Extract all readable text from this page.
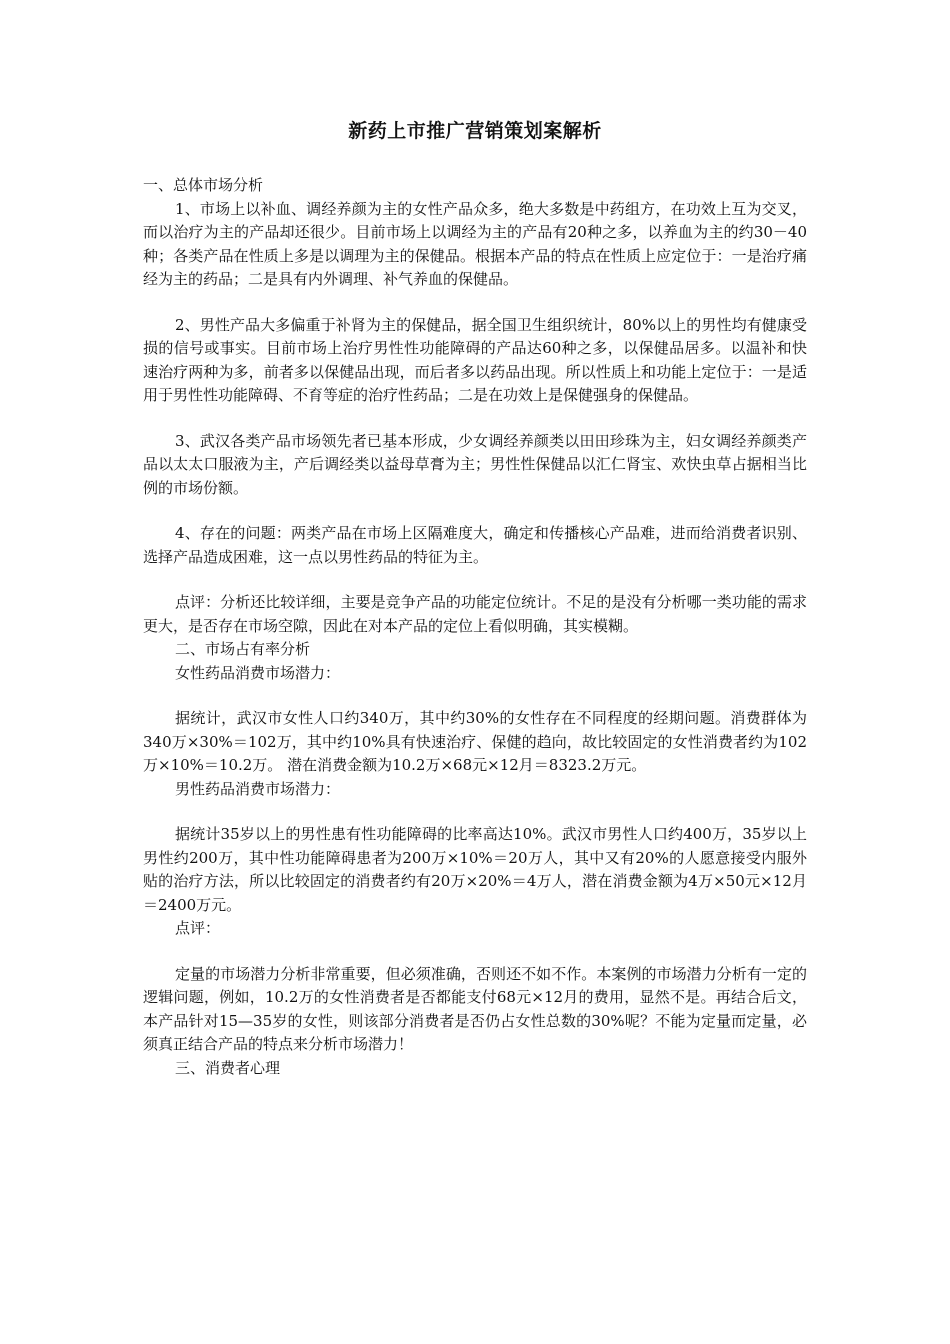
新药上市推广营销策划案解析

一、总体市场分析

1、市场上以补血、调经养颜为主的女性产品众多，绝大多数是中药组方，在功效上互为交叉，而以治疗为主的产品却还很少。目前市场上以调经为主的产品有20种之多，以养血为主的约30－40种；各类产品在性质上多是以调理为主的保健品。根据本产品的特点在性质上应定位于：一是治疗痛经为主的药品；二是具有内外调理、补气养血的保健品。

2、男性产品大多偏重于补肾为主的保健品，据全国卫生组织统计，80%以上的男性均有健康受损的信号或事实。目前市场上治疗男性性功能障碍的产品达60种之多，以保健品居多。以温补和快速治疗两种为多，前者多以保健品出现，而后者多以药品出现。所以性质上和功能上定位于：一是适用于男性性功能障碍、不育等症的治疗性药品；二是在功效上是保健强身的保健品。

3、武汉各类产品市场领先者已基本形成，少女调经养颜类以田田珍珠为主，妇女调经养颜类产品以太太口服液为主，产后调经类以益母草膏为主；男性性保健品以汇仁肾宝、欢快虫草占据相当比例的市场份额。

4、存在的问题：两类产品在市场上区隔难度大，确定和传播核心产品难，进而给消费者识别、选择产品造成困难，这一点以男性药品的特征为主。

点评：分析还比较详细，主要是竞争产品的功能定位统计。不足的是没有分析哪一类功能的需求更大，是否存在市场空隙，因此在对本产品的定位上看似明确，其实模糊。

二、市场占有率分析

女性药品消费市场潜力：

据统计，武汉市女性人口约340万，其中约30%的女性存在不同程度的经期问题。消费群体为340万×30%＝102万，其中约10%具有快速治疗、保健的趋向，故比较固定的女性消费者约为102万×10%＝10.2万。 潜在消费金额为10.2万×68元×12月＝8323.2万元。

男性药品消费市场潜力：

据统计35岁以上的男性患有性功能障碍的比率高达10%。武汉市男性人口约400万，35岁以上男性约200万，其中性功能障碍患者为200万×10%＝20万人，其中又有20%的人愿意接受内服外贴的治疗方法，所以比较固定的消费者约有20万×20%＝4万人，潜在消费金额为4万×50元×12月＝2400万元。

点评：

定量的市场潜力分析非常重要，但必须准确，否则还不如不作。本案例的市场潜力分析有一定的逻辑问题，例如，10.2万的女性消费者是否都能支付68元×12月的费用，显然不是。再结合后文，本产品针对15—35岁的女性，则该部分消费者是否仍占女性总数的30%呢？不能为定量而定量，必须真正结合产品的特点来分析市场潜力！

三、消费者心理
